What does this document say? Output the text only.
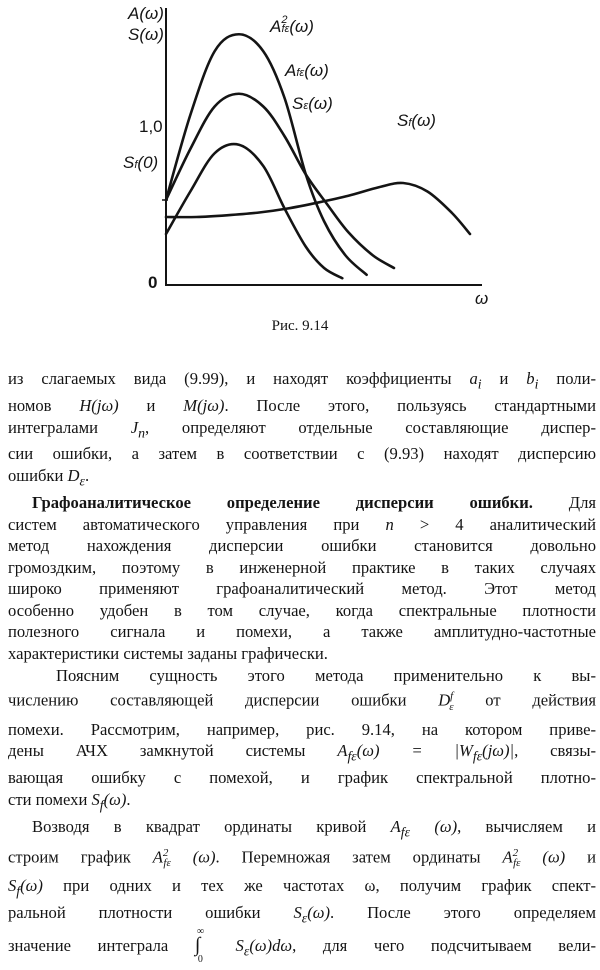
A(ω)
S(ω)
1,0
Sf(0)
0
ω
$A^2f\varepsilon(\omega)$
Afε(ω)
Sε(ω)
Sf(ω)
Рис. 9.14

из слагаемых вида (9.99), и находят коэффициенты $a_i$ и $b_i$ поли-
номов H(jω) и M(jω). После этого, пользуясь стандартными
интегралами $J_n$, определяют отдельные составляющие диспер-
сии ошибки, а затем в соответствии с (9.93) находят дисперсию
ошибки $D_\varepsilon$.

Графоаналитическое определение дисперсии ошибки. Для
систем автоматического управления при n > 4 аналитический
метод нахождения дисперсии ошибки становится довольно
громоздким, поэтому в инженерной практике в таких случаях
широко применяют графоаналитический метод. Этот метод
особенно удобен в том случае, когда спектральные плотности
полезного сигнала и помехи, а также амплитудно-частотные
характеристики системы заданы графически.

Поясним сущность этого метода применительно к вы-
числению составляющей дисперсии ошибки $D^f_\varepsilon$ от действия
помехи. Рассмотрим, например, рис. 9.14, на котором приве-
дены АЧХ замкнутой системы $A_{f\varepsilon}(\omega) = |W_{f\varepsilon}(j\omega)|$, связы-
вающая ошибку с помехой, и график спектральной плотно-
сти помехи $S_f(\omega)$.

Возводя в квадрат ординаты кривой $A_{f\varepsilon}$ (ω), вычисляем и
строим график $A^2_{f\varepsilon}$ (ω). Перемножая затем ординаты $A^2_{f\varepsilon}$ (ω) и
$S_f(\omega)$ при одних и тех же частотах ω, получим график спект-
ральной плотности ошибки $S_\varepsilon(\omega)$. После этого определяем
значение интеграла
∞
∫
0
$S_\varepsilon(\omega)d\omega$, для чего подсчитываем вели-
